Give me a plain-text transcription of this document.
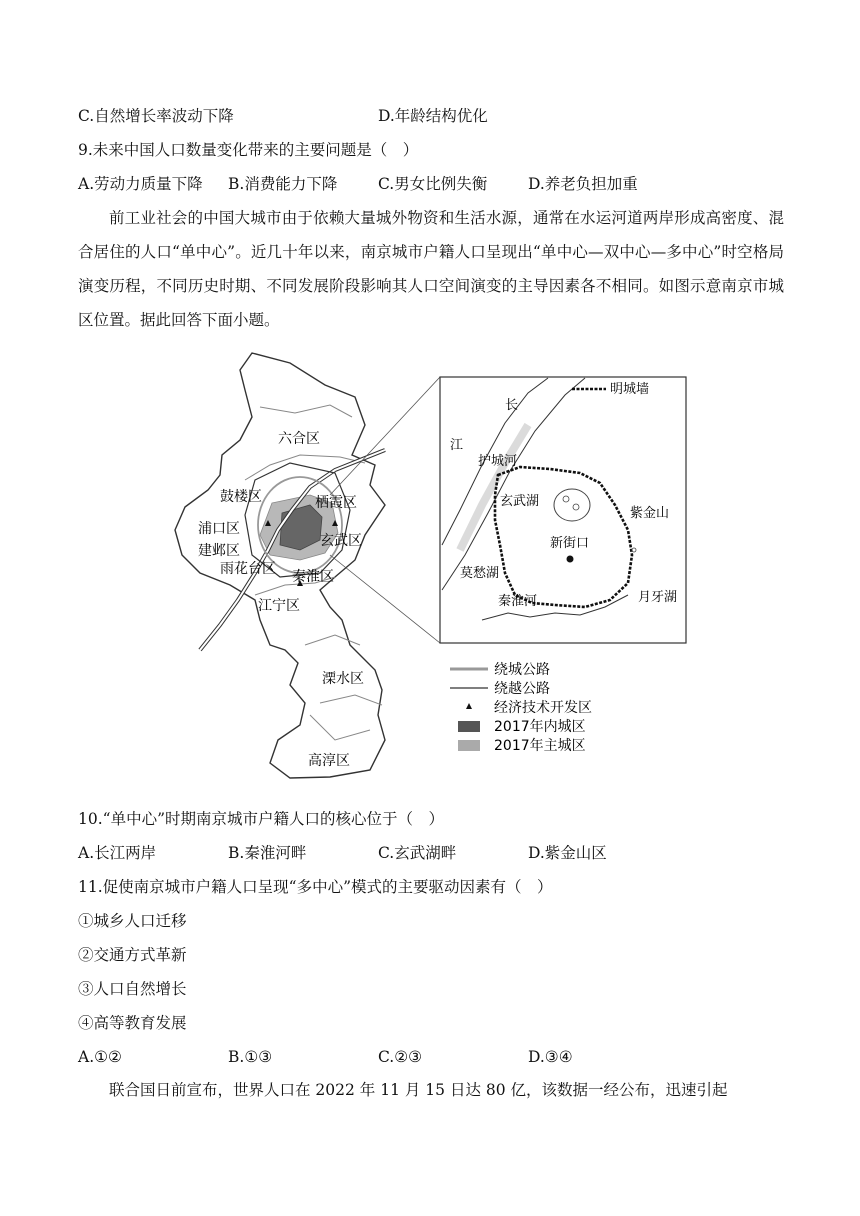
C.自然增长率波动下降	D.年龄结构优化
9.未来中国人口数量变化带来的主要问题是（　）
A.劳动力质量下降 B.消费能力下降	C.男女比例失衡	D.养老负担加重
前工业社会的中国大城市由于依赖大量城外物资和生活水源，通常在水运河道两岸形成高密度、混合居住的人口“单中心”。近几十年以来，南京城市户籍人口呈现出“单中心—双中心—多中心”时空格局演变历程，不同历史时期、不同发展阶段影响其人口空间演变的主导因素各不相同。如图示意南京市城区位置。据此回答下面小题。
六合区
鼓楼区	栖霞区
浦口区
玄武区
建邺区
雨花台区 秦淮区
江宁区
溧水区
高淳区
明城墙
长
江
护城河
玄武湖
紫金山
新街口
莫愁湖
秦淮河	月牙湖
绕城公路
绕越公路
经济技术开发区
2017年内城区
2017年主城区
10.“单中心”时期南京城市户籍人口的核心位于（　）
A.长江两岸	B.秦淮河畔	C.玄武湖畔	D.紫金山区
11.促使南京城市户籍人口呈现“多中心”模式的主要驱动因素有（　）
①城乡人口迁移
②交通方式革新
③人口自然增长
④高等教育发展
A.①②	B.①③	C.②③	D.③④
联合国日前宣布，世界人口在 2022 年 11 月 15 日达 80 亿，该数据一经公布，迅速引起
